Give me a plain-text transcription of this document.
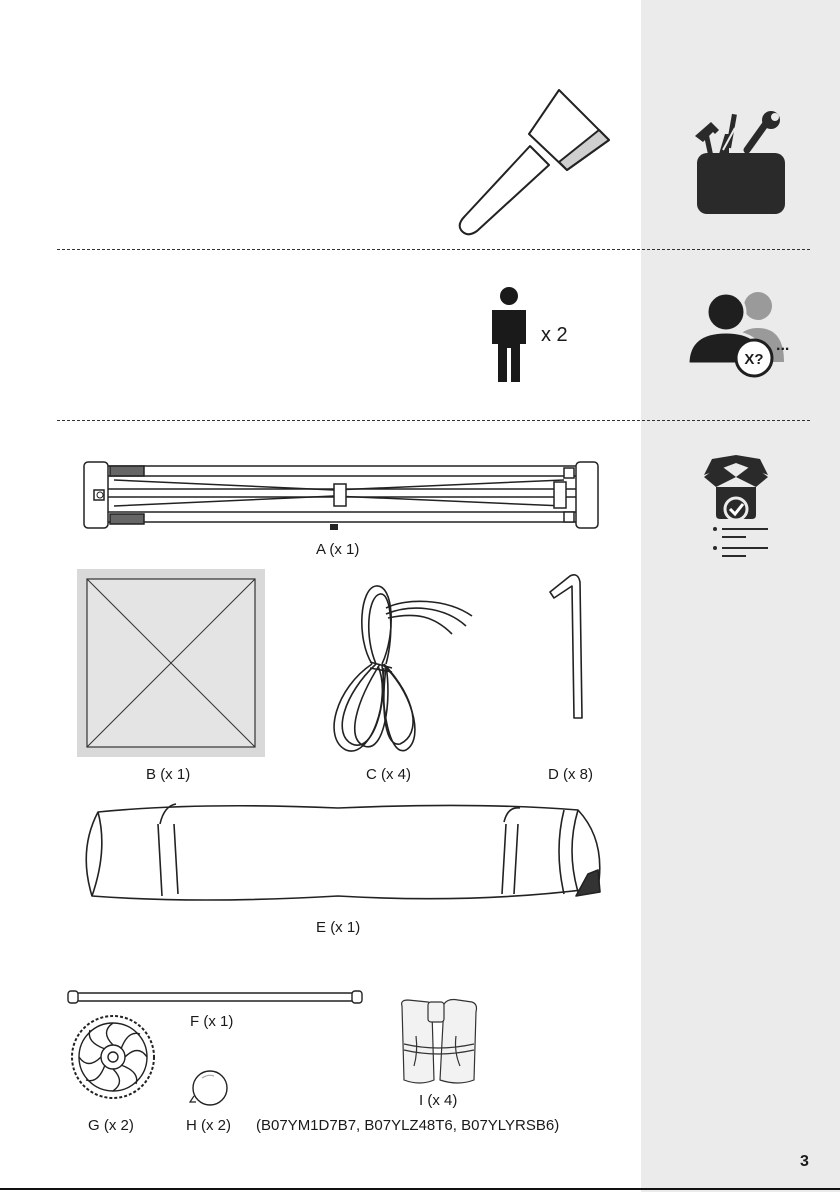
x 2
X?
...
A (x 1)
B (x 1)	C (x 4)	D (x 8)
E (x 1)
F (x 1)
G (x 2)	H (x 2)
I (x 4)
(B07YM1D7B7, B07YLZ48T6, B07YLYRSB6)
3
